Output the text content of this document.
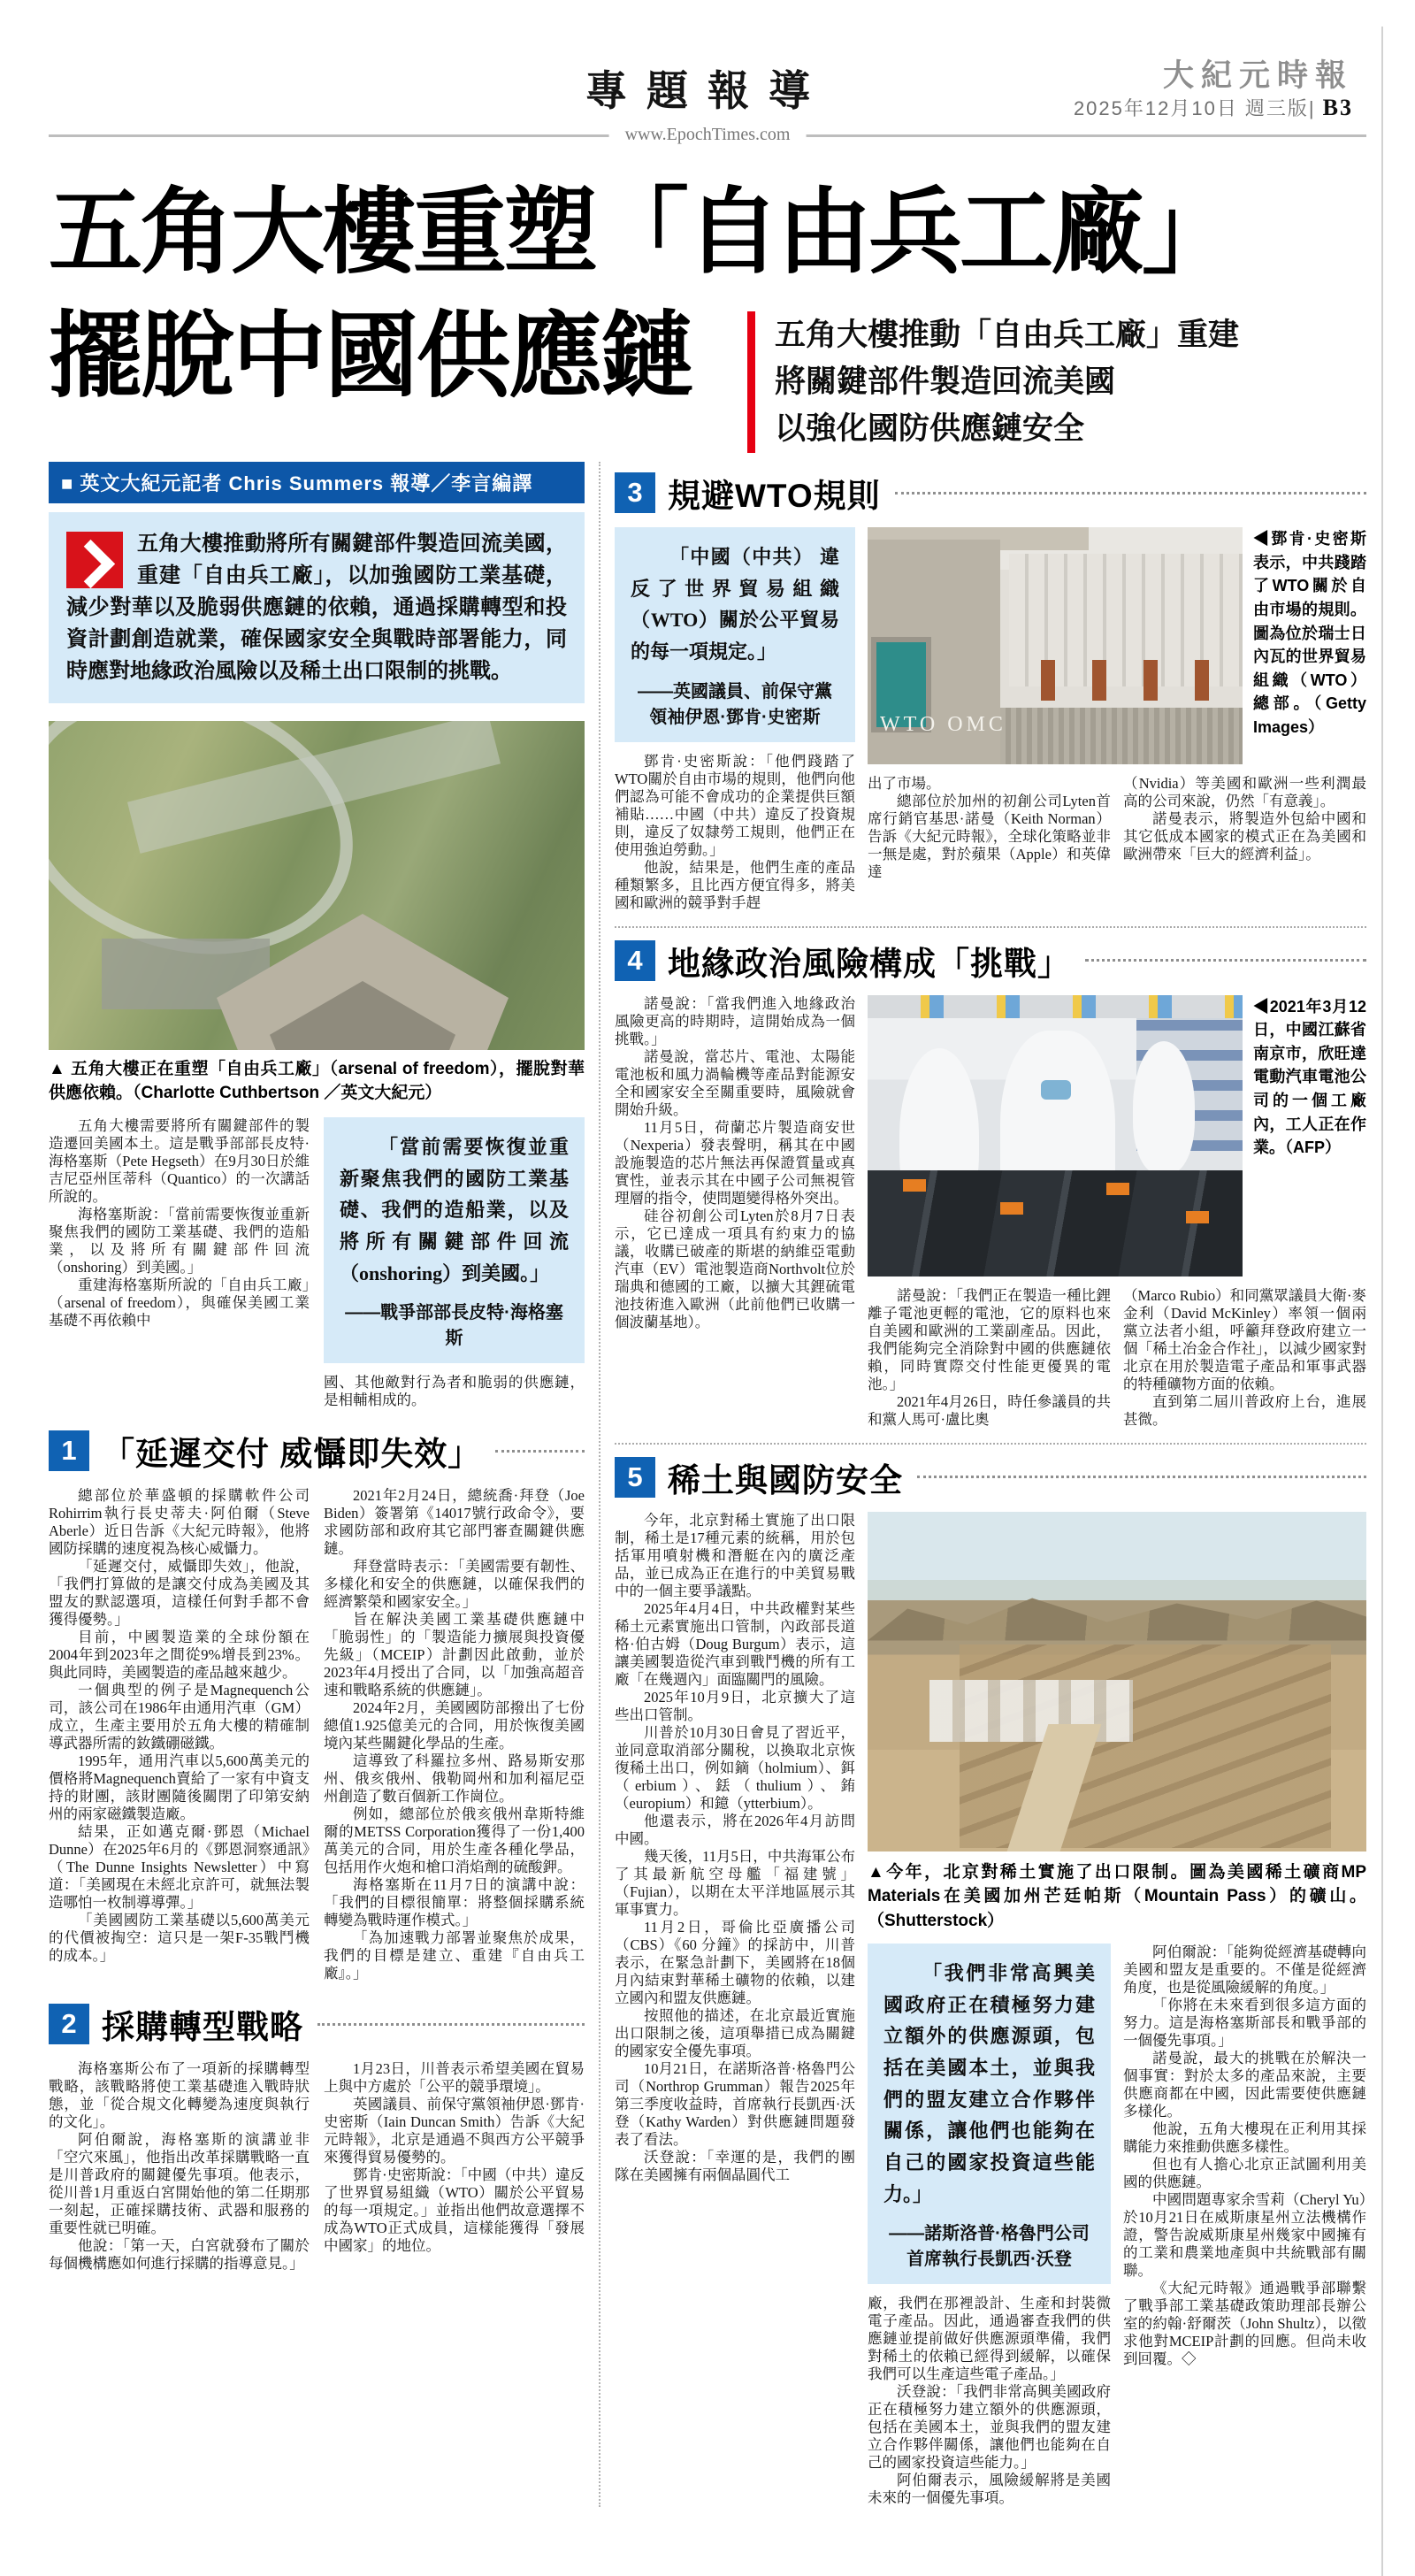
專題報導	大紀元時報
2025年12月10日 週三版| B3
www.EpochTimes.com
五角大樓重塑「自由兵工廠」
擺脫中國供應鏈	五角大樓推動「自由兵工廠」重建
將關鍵部件製造回流美國
以強化國防供應鏈安全
■ 英文大紀元記者 Chris Summers 報導／李言編譯

五角大樓推動將所有關鍵部件製造回流美國，重建「自由兵工廠」，以加強國防工業基礎，減少對華以及脆弱供應鏈的依賴，通過採購轉型和投資計劃創造就業，確保國家安全與戰時部署能力，同時應對地緣政治風險以及稀土出口限制的挑戰。

▲ 五角大樓正在重塑「自由兵工廠」（arsenal of freedom），擺脫對華供應依賴。（Charlotte Cuthbertson ／英文大紀元）

五角大樓需要將所有關鍵部件的製造遷回美國本土。這是戰爭部部長皮特·海格塞斯（Pete Hegseth）在9月30日於維吉尼亞州匡蒂科（Quantico）的一次講話所說的。

海格塞斯說：「當前需要恢復並重新聚焦我們的國防工業基礎、我們的造船業，以及將所有關鍵部件回流（onshoring）到美國。」

重建海格塞斯所說的「自由兵工廠」（arsenal of freedom），與確保美國工業基礎不再依賴中

「當前需要恢復並重新聚焦我們的國防工業基礎、我們的造船業，以及將所有關鍵部件回流（onshoring）到美國。」

——戰爭部部長皮特·海格塞斯

國、其他敵對行為者和脆弱的供應鏈，是相輔相成的。

1 「延遲交付 威懾即失效」

總部位於華盛頓的採購軟件公司Rohirrim執行長史蒂夫·阿伯爾（Steve Aberle）近日告訴《大紀元時報》，他將國防採購的速度視為核心威懾力。

「延遲交付，威懾即失效」，他說，「我們打算做的是讓交付成為美國及其盟友的默認選項，這樣任何對手都不會獲得優勢。」

目前，中國製造業的全球份額在2004年到2023年之間從9%增長到23%。與此同時，美國製造的產品越來越少。

一個典型的例子是Magnequench公司，該公司在1986年由通用汽車（GM）成立，生產主要用於五角大樓的精確制導武器所需的釹鐵硼磁鐵。

1995年，通用汽車以5,600萬美元的價格將Magnequench賣給了一家有中資支持的財團，該財團隨後關閉了印第安納州的兩家磁鐵製造廠。

結果，正如邁克爾·鄧恩（Michael Dunne）在2025年6月的《鄧恩洞察通訊》（The Dunne Insights Newsletter）中寫道：「美國現在未經北京許可，就無法製造哪怕一枚制導導彈。」

「美國國防工業基礎以5,600萬美元的代價被掏空：這只是一架F-35戰鬥機的成本。」

2021年2月24日，總統喬·拜登（Joe Biden）簽署第《14017號行政命令》，要求國防部和政府其它部門審查關鍵供應鏈。

拜登當時表示：「美國需要有韌性、多樣化和安全的供應鏈，以確保我們的經濟繁榮和國家安全。」

旨在解決美國工業基礎供應鏈中「脆弱性」的「製造能力擴展與投資優先級」（MCEIP）計劃因此啟動，並於2023年4月授出了合同，以「加強高超音速和戰略系統的供應鏈」。

2024年2月，美國國防部撥出了七份總值1.925億美元的合同，用於恢復美國境內某些關鍵化學品的生產。

這導致了科羅拉多州、路易斯安那州、俄亥俄州、俄勒岡州和加利福尼亞州創造了數百個新工作崗位。

例如，總部位於俄亥俄州韋斯特維爾的METSS Corporation獲得了一份1,400萬美元的合同，用於生產各種化學品，包括用作火炮和槍口消焰劑的硫酸鉀。

海格塞斯在11月7日的演講中說：「我們的目標很簡單：將整個採購系統轉變為戰時運作模式。」

「為加速戰力部署並聚焦於成果，我們的目標是建立、重建『自由兵工廠』。」

2 採購轉型戰略

海格塞斯公布了一項新的採購轉型戰略，該戰略將使工業基礎進入戰時狀態，並「從合規文化轉變為速度與執行的文化」。

阿伯爾說，海格塞斯的演講並非「空穴來風」，他指出改革採購戰略一直是川普政府的關鍵優先事項。他表示，從川普1月重返白宮開始他的第二任期那一刻起，正確採購技術、武器和服務的重要性就已明確。

他說：「第一天，白宮就發布了關於每個機構應如何進行採購的指導意見。」

1月23日，川普表示希望美國在貿易上與中方處於「公平的競爭環境」。

英國議員、前保守黨領袖伊恩·鄧肯·史密斯（Iain Duncan Smith）告訴《大紀元時報》，北京是通過不與西方公平競爭來獲得貿易優勢的。

鄧肯·史密斯說：「中國（中共）違反了世界貿易組織（WTO）關於公平貿易的每一項規定。」並指出他們故意選擇不成為WTO正式成員，這樣能獲得「發展中國家」的地位。

3 規避WTO規則

「中國（中共） 違反了世界貿易組織（WTO）關於公平貿易的每一項規定。」

——英國議員、前保守黨領袖伊恩·鄧肯·史密斯

鄧肯·史密斯說：「他們踐踏了WTO關於自由市場的規則，他們向他們認為可能不會成功的企業提供巨額補貼……中國（中共）違反了投資規則，違反了奴隸勞工規則，他們正在使用強迫勞動。」

他說，結果是，他們生產的產品種類繁多，且比西方便宜得多，將美國和歐洲的競爭對手趕

WTO OMC
◀鄧肯·史密斯表示，中共踐踏了WTO關於自由市場的規則。圖為位於瑞士日內瓦的世界貿易組織（WTO）總部。（Getty Images）

出了市場。

總部位於加州的初創公司Lyten首席行銷官基思·諾曼（Keith Norman）告訴《大紀元時報》，全球化策略並非一無是處，對於蘋果（Apple）和英偉達

（Nvidia）等美國和歐洲一些利潤最高的公司來說，仍然「有意義」。

諾曼表示，將製造外包給中國和其它低成本國家的模式正在為美國和歐洲帶來「巨大的經濟利益」。

4 地緣政治風險構成「挑戰」

諾曼說：「當我們進入地緣政治風險更高的時期時，這開始成為一個挑戰。」

諾曼說，當芯片、電池、太陽能電池板和風力渦輪機等產品對能源安全和國家安全至關重要時，風險就會開始升級。

11月5日，荷蘭芯片製造商安世（Nexperia）發表聲明，稱其在中國設施製造的芯片無法再保證質量或真實性，並表示其在中國子公司無視管理層的指令，使問題變得格外突出。

硅谷初創公司Lyten於8月7日表示，它已達成一項具有約束力的協議，收購已破產的斯堪的納維亞電動汽車（EV）電池製造商Northvolt位於瑞典和德國的工廠，以擴大其鋰硫電池技術進入歐洲（此前他們已收購一個波蘭基地）。

◀2021年3月12日，中國江蘇省南京市，欣旺達電動汽車電池公司的一個工廠內，工人正在作業。（AFP）

諾曼說：「我們正在製造一種比鋰離子電池更輕的電池，它的原料也來自美國和歐洲的工業副產品。因此，我們能夠完全消除對中國的供應鏈依賴，同時實際交付性能更優異的電池。」

2021年4月26日，時任參議員的共和黨人馬可·盧比奧

（Marco Rubio）和同黨眾議員大衛·麥金利（David McKinley）率領一個兩黨立法者小組，呼籲拜登政府建立一個「稀土冶金合作社」，以減少國家對北京在用於製造電子產品和軍事武器的特種礦物方面的依賴。

直到第二屆川普政府上台，進展甚微。

5 稀土與國防安全

今年，北京對稀土實施了出口限制，稀土是17種元素的統稱，用於包括軍用噴射機和潛艇在內的廣泛產品，並已成為正在進行的中美貿易戰中的一個主要爭議點。

2025年4月4日，中共政權對某些稀土元素實施出口管制，內政部長道格·伯古姆（Doug Burgum）表示，這讓美國製造從汽車到戰鬥機的所有工廠「在幾週內」面臨關門的風險。

2025年10月9日，北京擴大了這些出口管制。

川普於10月30日會見了習近平，並同意取消部分關稅，以換取北京恢復稀土出口，例如鏑（holmium）、鉺（erbium）、銩（thulium）、銪（europium）和鐿（ytterbium）。

他還表示，將在2026年4月訪問中國。

幾天後，11月5日，中共海軍公布了其最新航空母艦「福建號」（Fujian），以期在太平洋地區展示其軍事實力。

11月2日，哥倫比亞廣播公司（CBS）《60 分鐘》的採訪中，川普表示，在緊急計劃下，美國將在18個月內結束對華稀土礦物的依賴，以建立國內和盟友供應鏈。

按照他的描述，在北京最近實施出口限制之後，這項舉措已成為關鍵的國家安全優先事項。

10月21日，在諾斯洛普·格魯門公司（Northrop Grumman）報告2025年第三季度收益時，首席執行長凱西·沃登（Kathy Warden）對供應鏈問題發表了看法。

沃登說：「幸運的是，我們的團隊在美國擁有兩個晶圓代工

▲今年，北京對稀土實施了出口限制。圖為美國稀土礦商MP Materials在美國加州芒廷帕斯（Mountain Pass）的礦山。（Shutterstock）

「我們非常高興美國政府正在積極努力建立額外的供應源頭，包括在美國本土，並與我們的盟友建立合作夥伴關係，讓他們也能夠在自己的國家投資這些能力。」

——諾斯洛普·格魯門公司首席執行長凱西·沃登

廠，我們在那裡設計、生產和封裝微電子產品。因此，通過審查我們的供應鏈並提前做好供應源頭準備，我們對稀土的依賴已經得到緩解，以確保我們可以生產這些電子產品。」

沃登說：「我們非常高興美國政府正在積極努力建立額外的供應源頭，包括在美國本土，並與我們的盟友建立合作夥伴關係，讓他們也能夠在自己的國家投資這些能力。」

阿伯爾表示，風險緩解將是美國未來的一個優先事項。

阿伯爾說：「能夠從經濟基礎轉向美國和盟友是重要的。不僅是從經濟角度，也是從風險緩解的角度。」

「你將在未來看到很多這方面的努力。這是海格塞斯部長和戰爭部的一個優先事項。」

諾曼說，最大的挑戰在於解決一個事實：對於太多的產品來說，主要供應商都在中國，因此需要使供應鏈多樣化。

他說，五角大樓現在正利用其採購能力來推動供應多樣性。

但也有人擔心北京正試圖利用美國的供應鏈。

中國問題專家余雪莉（Cheryl Yu）於10月21日在威斯康星州立法機構作證，警告說威斯康星州幾家中國擁有的工業和農業地產與中共統戰部有關聯。

《大紀元時報》通過戰爭部聯繫了戰爭部工業基礎政策助理部長辦公室的約翰·舒爾茨（John Shultz），以徵求他對MCEIP計劃的回應。但尚未收到回覆。◇
